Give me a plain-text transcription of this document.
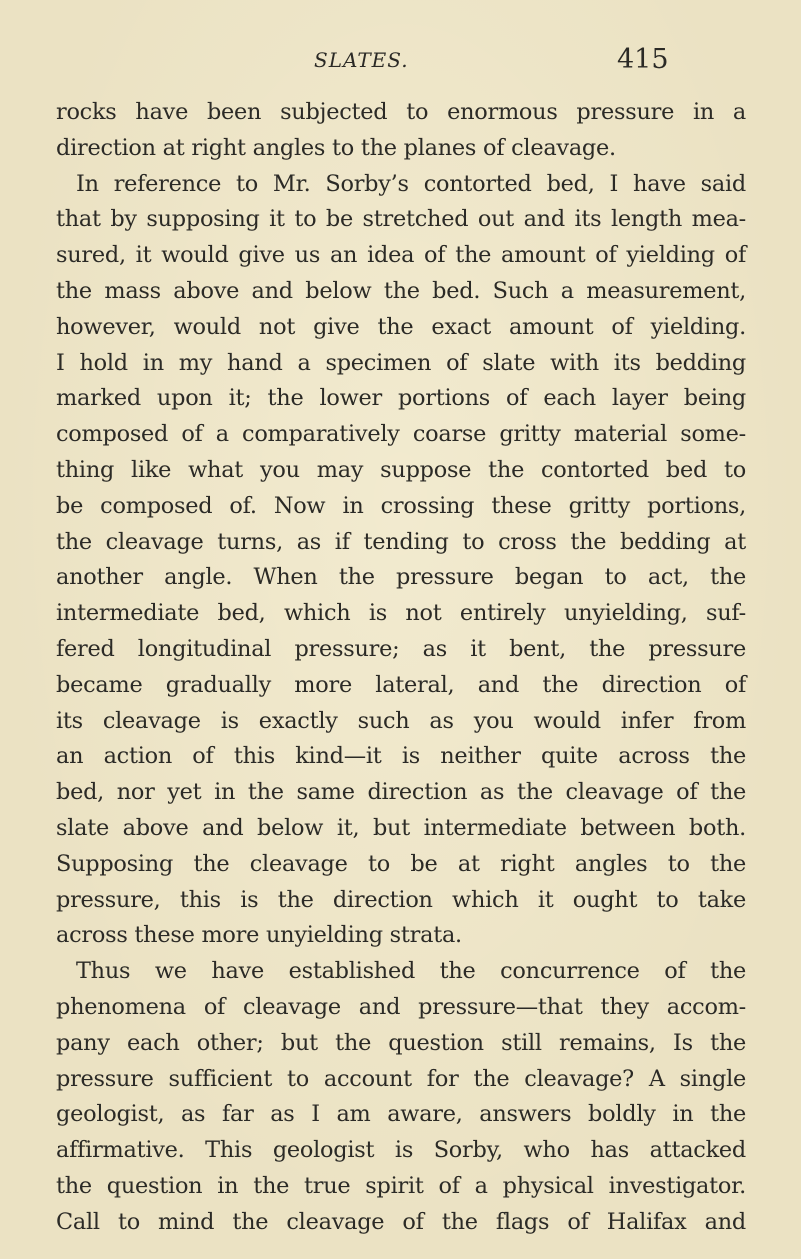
SLATES.	415
rocks have been subjected to enormous pressure in a
direction at right angles to the planes of cleavage.
In reference to Mr. Sorby’s contorted bed, I have said
that by supposing it to be stretched out and its length mea-
sured, it would give us an idea of the amount of yielding of
the mass above and below the bed. Such a measurement,
however, would not give the exact amount of yielding.
I hold in my hand a specimen of slate with its bedding
marked upon it; the lower portions of each layer being
composed of a comparatively coarse gritty material some-
thing like what you may suppose the contorted bed to
be composed of. Now in crossing these gritty portions,
the cleavage turns, as if tending to cross the bedding at
another angle. When the pressure began to act, the
intermediate bed, which is not entirely unyielding, suf-
fered longitudinal pressure; as it bent, the pressure
became gradually more lateral, and the direction of
its cleavage is exactly such as you would infer from
an action of this kind—it is neither quite across the
bed, nor yet in the same direction as the cleavage of the
slate above and below it, but intermediate between both.
Supposing the cleavage to be at right angles to the
pressure, this is the direction which it ought to take
across these more unyielding strata.
Thus we have established the concurrence of the
phenomena of cleavage and pressure—that they accom-
pany each other; but the question still remains, Is the
pressure sufficient to account for the cleavage? A single
geologist, as far as I am aware, answers boldly in the
affirmative. This geologist is Sorby, who has attacked
the question in the true spirit of a physical investigator.
Call to mind the cleavage of the flags of Halifax and
